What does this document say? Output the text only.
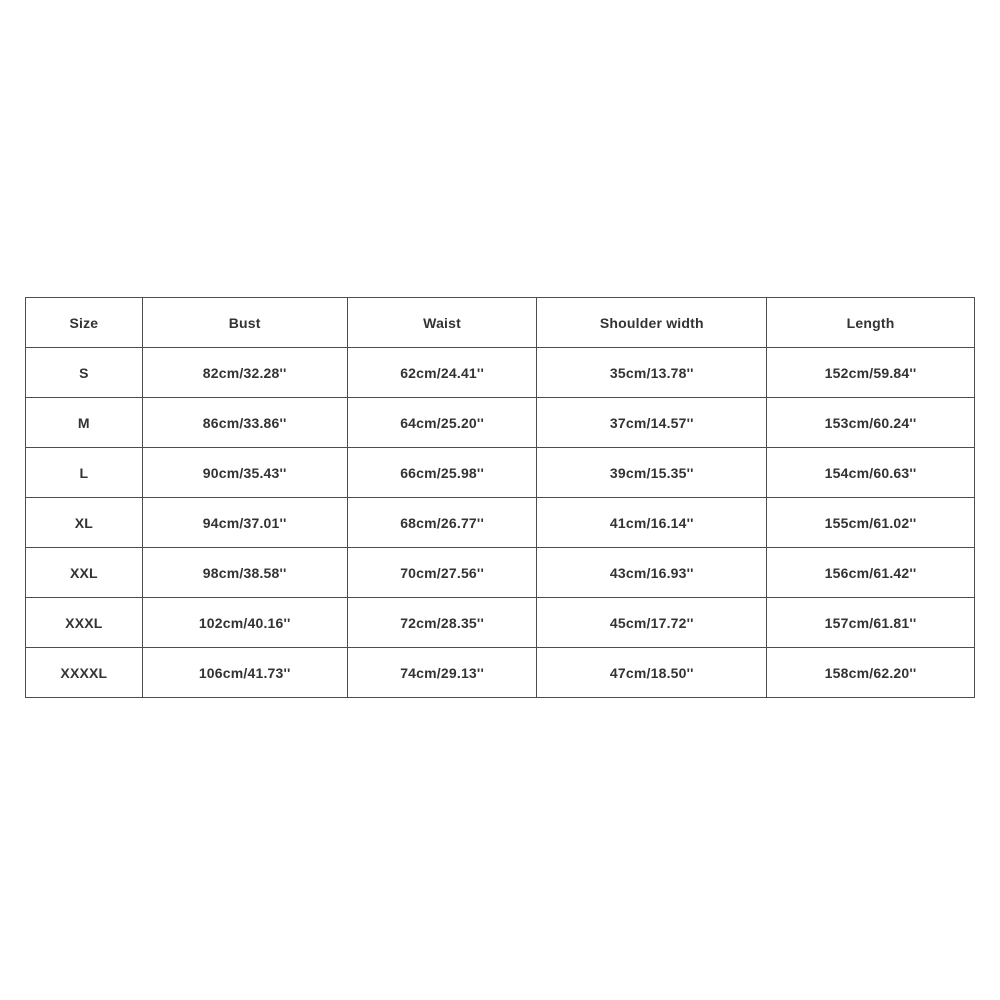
Size	Bust	Waist	Shoulder width	Length
S	82cm/32.28''	62cm/24.41''	35cm/13.78''	152cm/59.84''
M	86cm/33.86''	64cm/25.20''	37cm/14.57''	153cm/60.24''
L	90cm/35.43''	66cm/25.98''	39cm/15.35''	154cm/60.63''
XL	94cm/37.01''	68cm/26.77''	41cm/16.14''	155cm/61.02''
XXL	98cm/38.58''	70cm/27.56''	43cm/16.93''	156cm/61.42''
XXXL	102cm/40.16''	72cm/28.35''	45cm/17.72''	157cm/61.81''
XXXXL	106cm/41.73''	74cm/29.13''	47cm/18.50''	158cm/62.20''
